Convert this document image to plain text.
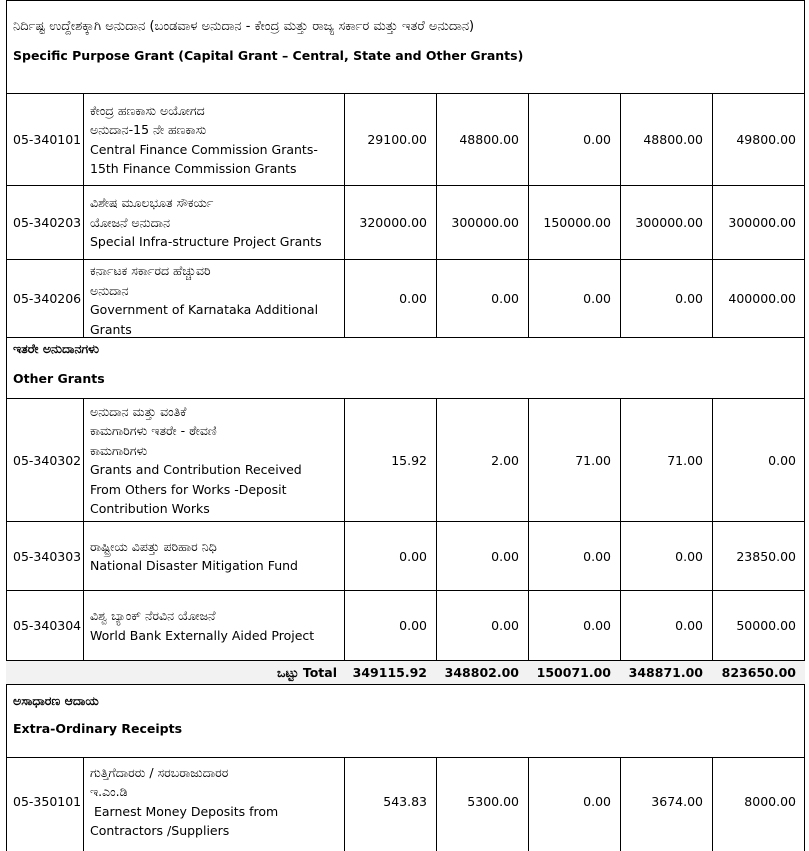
ನಿರ್ದಿಷ್ಟ ಉದ್ದೇಶಕ್ಕಾಗಿ ಅನುದಾನ (ಬಂಡವಾಳ ಅನುದಾನ - ಕೇಂದ್ರ ಮತ್ತು ರಾಜ್ಯ ಸರ್ಕಾರ ಮತ್ತು ಇತರೆ ಅನುದಾನ)
Specific Purpose Grant (Capital Grant – Central, State and Other Grants)
05-340101
ಕೇಂದ್ರ ಹಣಕಾಸು ಅಯೋಗದ
ಅನುದಾನ-15 ನೇ ಹಣಕಾಸು
Central Finance Commission Grants-
15th Finance Commission Grants
29100.00	48800.00	0.00	48800.00	49800.00
05-340203
ವಿಶೇಷ ಮೂಲಭೂತ ಸೌಕರ್ಯ
ಯೋಜನೆ ಅನುದಾನ
Special Infra-structure Project Grants
320000.00	300000.00	150000.00	300000.00	300000.00
05-340206
ಕರ್ನಾಟಕ ಸರ್ಕಾರದ ಹೆಚ್ಚುವರಿ
ಅನುದಾನ
Government of Karnataka Additional
Grants
0.00	0.00	0.00	0.00	400000.00
ಇತರೇ ಅನುದಾನಗಳು
Other Grants
05-340302
ಅನುದಾನ ಮತ್ತು ವಂತಿಕೆ
ಕಾಮಗಾರಿಗಳು ಇತರೇ - ಠೇವಣಿ
ಕಾಮಗಾರಿಗಳು
Grants and Contribution Received
From Others for Works -Deposit
Contribution Works
15.92	2.00	71.00	71.00	0.00
05-340303
ರಾಷ್ಟ್ರೀಯ ವಿಪತ್ತು ಪರಿಹಾರ ನಿಧಿ
National Disaster Mitigation Fund
0.00	0.00	0.00	0.00	23850.00
05-340304
ವಿಶ್ವ ಬ್ಯಾಂಕ್ ನೆರವಿನ ಯೋಜನೆ
World Bank Externally Aided Project
0.00	0.00	0.00	0.00	50000.00
ಒಟ್ಟು Total	349115.92	348802.00	150071.00	348871.00	823650.00
ಅಸಾಧಾರಣ ಆದಾಯ
Extra-Ordinary Receipts
05-350101
ಗುತ್ತಿಗೆದಾರರು / ಸರಬರಾಜುದಾರರ
ಇ.ಎಂ.ಡಿ
Earnest Money Deposits from
Contractors /Suppliers
543.83	5300.00	0.00	3674.00	8000.00
